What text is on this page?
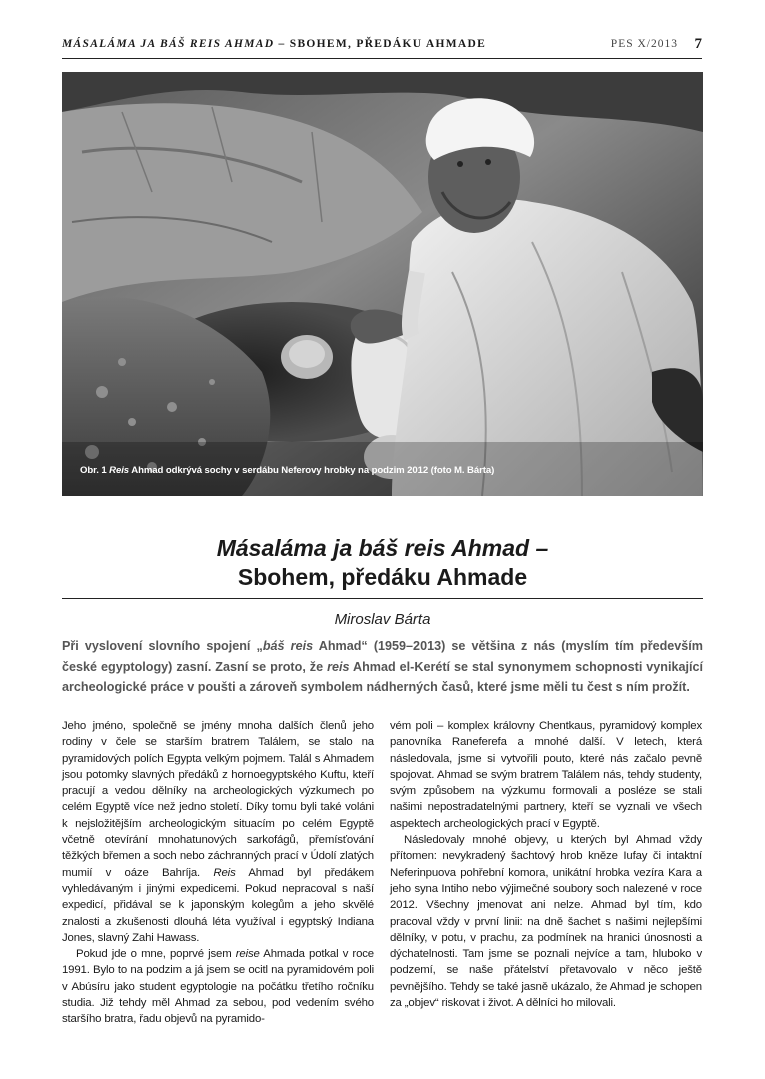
MÁSALÁMA JA BÁŠ REIS AHMAD – SBOHEM, PŘEDÁKU AHMADE	PES X/2013 7
Obr. 1 Reis Ahmad odkrývá sochy v serdábu Neferovy hrobky na podzim 2012 (foto M. Bárta)
Másaláma ja báš reis Ahmad –
Sbohem, předáku Ahmade
Miroslav Bárta
Při vyslovení slovního spojení „báš reis Ahmad“ (1959–2013) se většina z nás (myslím tím především české egyptology) zasní. Zasní se proto, že reis Ahmad el-Kerétí se stal synonymem schopnosti vynikající archeologické práce v poušti a zároveň symbolem nádherných časů, které jsme měli tu čest s ním prožít.

Jeho jméno, společně se jmény mnoha dalších členů jeho rodiny v čele se starším bratrem Találem, se stalo na pyramidových polích Egypta velkým pojmem. Talál s Ahmadem jsou potomky slavných předáků z hornoegyptského Kuftu, kteří pracují a vedou dělníky na archeologických výzkumech po celém Egyptě více než jedno století. Díky tomu byli také voláni k nejsložitějším archeologickým situacím po celém Egyptě včetně otevírání mnohatunových sarkofágů, přemísťování těžkých břemen a soch nebo záchranných prací v Údolí zlatých mumií v oáze Bahríja. Reis Ahmad byl předákem vyhledávaným i jinými expedicemi. Pokud nepracoval s naší expedicí, přidával se k japonským kolegům a jeho skvělé znalosti a zkušenosti dlouhá léta využíval i egyptský Indiana Jones, slavný Zahi Hawass.

Pokud jde o mne, poprvé jsem reise Ahmada potkal v roce 1991. Bylo to na podzim a já jsem se ocitl na pyramidovém poli v Abúsíru jako student egyptologie na počátku třetího ročníku studia. Již tehdy měl Ahmad za sebou, pod vedením svého staršího bratra, řadu objevů na pyramido-

vém poli – komplex královny Chentkaus, pyramidový komplex panovníka Raneferefa a mnohé další. V letech, která následovala, jsme si vytvořili pouto, které nás začalo pevně spojovat. Ahmad se svým bratrem Találem nás, tehdy studenty, svým způsobem na výzkumu formovali a posléze se stali našimi nepostradatelnými partnery, kteří se vyznali ve všech aspektech archeologických prací v Egyptě.

Následovaly mnohé objevy, u kterých byl Ahmad vždy přítomen: nevykradený šachtový hrob kněze Iufay či intaktní Neferinpuova pohřební komora, unikátní hrobka vezíra Kara a jeho syna Intiho nebo výjimečné soubory soch nalezené v roce 2012. Všechny jmenovat ani nelze. Ahmad byl tím, kdo pracoval vždy v první linii: na dně šachet s našimi nejlepšími dělníky, v potu, v prachu, za podmínek na hranici únosnosti a dýchatelnosti. Tam jsme se poznali nejvíce a tam, hluboko v podzemí, se naše přátelství přetavovalo v něco ještě pevnějšího. Tehdy se také jasně ukázalo, že Ahmad je schopen za „objev“ riskovat i život. A dělníci ho milovali.
